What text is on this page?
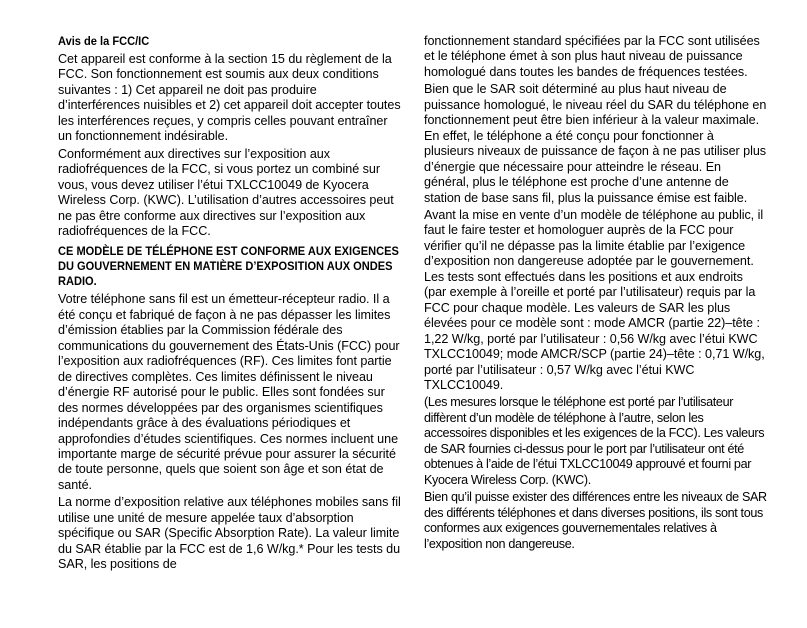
Avis de la FCC/IC

Cet appareil est conforme à la section 15 du règlement de la FCC. Son fonctionnement est soumis aux deux conditions suivantes : 1) Cet appareil ne doit pas produire d’interférences nuisibles et 2) cet appareil doit accepter toutes les interférences reçues, y compris celles pouvant entraîner un fonctionnement indésirable.

Conformément aux directives sur l’exposition aux radiofréquences de la FCC, si vous portez un combiné sur vous, vous devez utiliser l’étui TXLCC10049 de Kyocera Wireless Corp. (KWC). L’utilisation d’autres accessoires peut ne pas être conforme aux directives sur l’exposition aux radiofréquences de la FCC.

CE MODÈLE DE TÉLÉPHONE EST CONFORME AUX EXIGENCES DU GOUVERNEMENT EN MATIÈRE D’EXPOSITION AUX ONDES RADIO.

Votre téléphone sans fil est un émetteur-récepteur radio. Il a été conçu et fabriqué de façon à ne pas dépasser les limites d’émission établies par la Commission fédérale des communications du gouvernement des États-Unis (FCC) pour l’exposition aux radiofréquences (RF). Ces limites font partie de directives complètes. Ces limites définissent le niveau d’énergie RF autorisé pour le public. Elles sont fondées sur des normes développées par des organismes scientifiques indépendants grâce à des évaluations périodiques et approfondies d’études scientifiques. Ces normes incluent une importante marge de sécurité prévue pour assurer la sécurité de toute personne, quels que soient son âge et son état de santé.

La norme d’exposition relative aux téléphones mobiles sans fil utilise une unité de mesure appelée taux d’absorption spécifique ou SAR (Specific Absorption Rate). La valeur limite du SAR établie par la FCC est de 1,6 W/kg.* Pour les tests du SAR, les positions de

fonctionnement standard spécifiées par la FCC sont utilisées et le téléphone émet à son plus haut niveau de puissance homologué dans toutes les bandes de fréquences testées.

Bien que le SAR soit déterminé au plus haut niveau de puissance homologué, le niveau réel du SAR du téléphone en fonctionnement peut être bien inférieur à la valeur maximale. En effet, le téléphone a été conçu pour fonctionner à plusieurs niveaux de puissance de façon à ne pas utiliser plus d’énergie que nécessaire pour atteindre le réseau. En général, plus le téléphone est proche d’une antenne de station de base sans fil, plus la puissance émise est faible.

Avant la mise en vente d’un modèle de téléphone au public, il faut le faire tester et homologuer auprès de la FCC pour vérifier qu’il ne dépasse pas la limite établie par l’exigence d’exposition non dangereuse adoptée par le gouvernement. Les tests sont effectués dans les positions et aux endroits (par exemple à l’oreille et porté par l’utilisateur) requis par la FCC pour chaque modèle. Les valeurs de SAR les plus élevées pour ce modèle sont : mode AMCR (partie 22)–tête : 1,22 W/kg, porté par l’utilisateur : 0,56 W/kg avec l’étui KWC TXLCC10049; mode AMCR/SCP (partie 24)–tête : 0,71 W/kg, porté par l’utilisateur : 0,57 W/kg avec l’étui KWC TXLCC10049.

(Les mesures lorsque le téléphone est porté par l’utilisateur diffèrent d’un modèle de téléphone à l’autre, selon les accessoires disponibles et les exigences de la FCC). Les valeurs de SAR fournies ci-dessus pour le port par l’utilisateur ont été obtenues à l’aide de l’étui TXLCC10049 approuvé et fourni par Kyocera Wireless Corp. (KWC).

Bien qu’il puisse exister des différences entre les niveaux de SAR des différents téléphones et dans diverses positions, ils sont tous conformes aux exigences gouvernementales relatives à l’exposition non dangereuse.
